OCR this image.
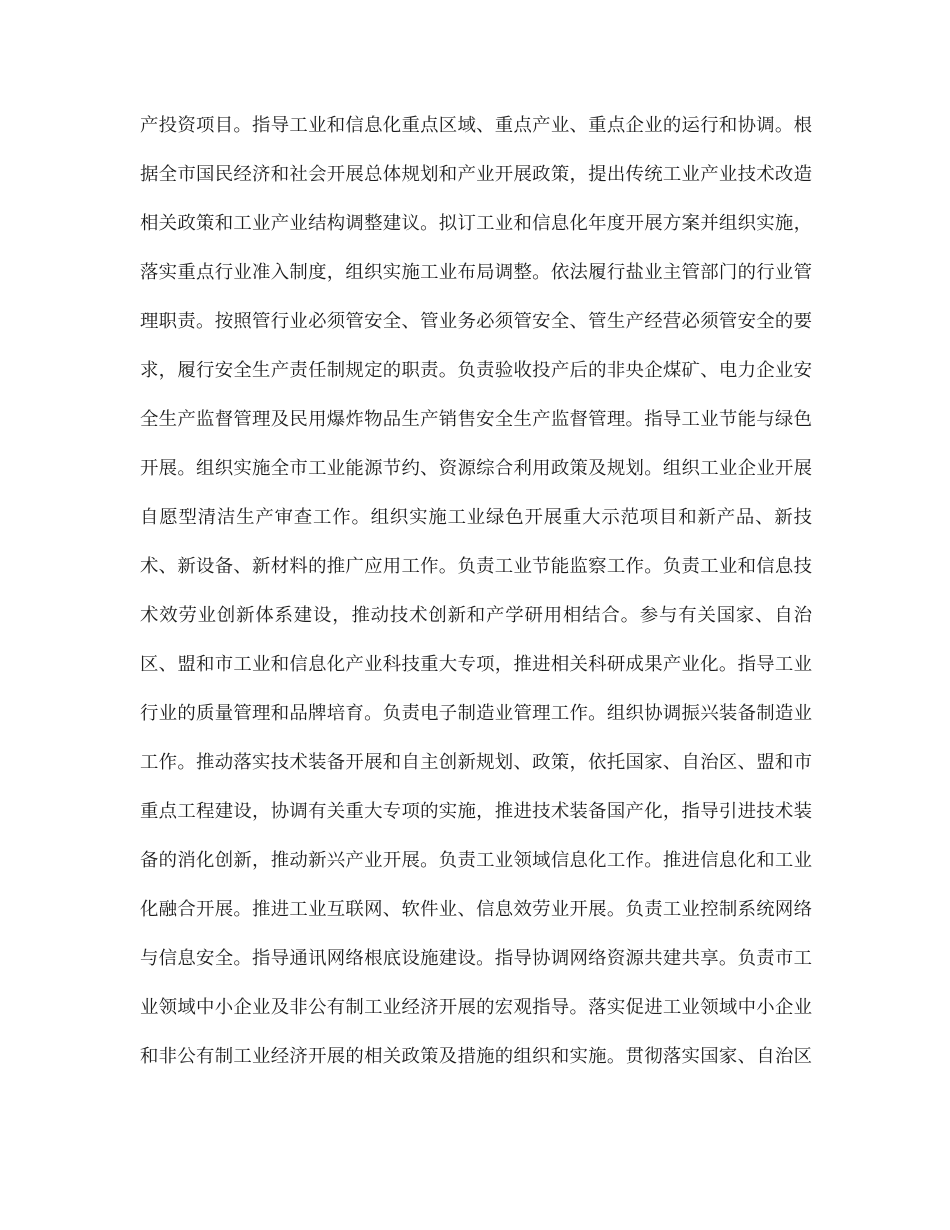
产投资项目。指导工业和信息化重点区域、重点产业、重点企业的运行和协调。根
据全市国民经济和社会开展总体规划和产业开展政策，提出传统工业产业技术改造
相关政策和工业产业结构调整建议。拟订工业和信息化年度开展方案并组织实施，
落实重点行业准入制度，组织实施工业布局调整。依法履行盐业主管部门的行业管
理职责。按照管行业必须管安全、管业务必须管安全、管生产经营必须管安全的要
求，履行安全生产责任制规定的职责。负责验收投产后的非央企煤矿、电力企业安
全生产监督管理及民用爆炸物品生产销售安全生产监督管理。指导工业节能与绿色
开展。组织实施全市工业能源节约、资源综合利用政策及规划。组织工业企业开展
自愿型清洁生产审查工作。组织实施工业绿色开展重大示范项目和新产品、新技
术、新设备、新材料的推广应用工作。负责工业节能监察工作。负责工业和信息技
术效劳业创新体系建设，推动技术创新和产学研用相结合。参与有关国家、自治
区、盟和市工业和信息化产业科技重大专项，推进相关科研成果产业化。指导工业
行业的质量管理和品牌培育。负责电子制造业管理工作。组织协调振兴装备制造业
工作。推动落实技术装备开展和自主创新规划、政策，依托国家、自治区、盟和市
重点工程建设，协调有关重大专项的实施，推进技术装备国产化，指导引进技术装
备的消化创新，推动新兴产业开展。负责工业领域信息化工作。推进信息化和工业
化融合开展。推进工业互联网、软件业、信息效劳业开展。负责工业控制系统网络
与信息安全。指导通讯网络根底设施建设。指导协调网络资源共建共享。负责市工
业领域中小企业及非公有制工业经济开展的宏观指导。落实促进工业领域中小企业
和非公有制工业经济开展的相关政策及措施的组织和实施。贯彻落实国家、自治区
